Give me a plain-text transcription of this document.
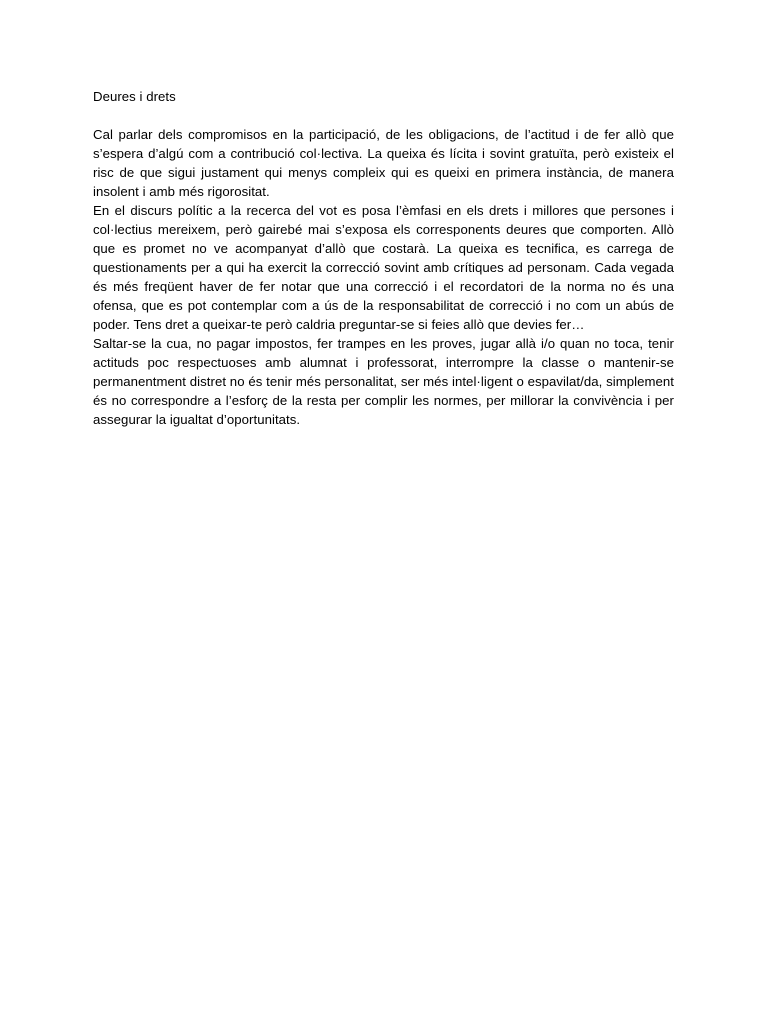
Deures i drets

Cal parlar dels compromisos en la participació, de les obligacions, de l’actitud i de fer allò que s’espera d’algú com a contribució col·lectiva. La queixa és lícita i sovint gratuïta, però existeix el risc de que sigui justament qui menys compleix qui es queixi en primera instància, de manera insolent i amb més rigorositat.

En el discurs polític a la recerca del vot es posa l’èmfasi en els drets i millores que persones i col·lectius mereixem, però gairebé mai s’exposa els corresponents deures que comporten. Allò que es promet no ve acompanyat d’allò que costarà. La queixa es tecnifica, es carrega de questionaments per a qui ha exercit la correcció sovint amb crítiques ad personam. Cada vegada és més freqüent haver de fer notar que una correcció i el recordatori de la norma no és una ofensa, que es pot contemplar com a ús de la responsabilitat de correcció i no com un abús de poder. Tens dret a queixar-te però caldria preguntar-se si feies allò que devies fer…

Saltar-se la cua, no pagar impostos, fer trampes en les proves, jugar allà i/o quan no toca, tenir actituds poc respectuoses amb alumnat i professorat, interrompre la classe o mantenir-se permanentment distret no és tenir més personalitat, ser més intel·ligent o espavilat/da, simplement és no correspondre a l’esforç de la resta per complir les normes, per millorar la convivència i per assegurar la igualtat d’oportunitats.
